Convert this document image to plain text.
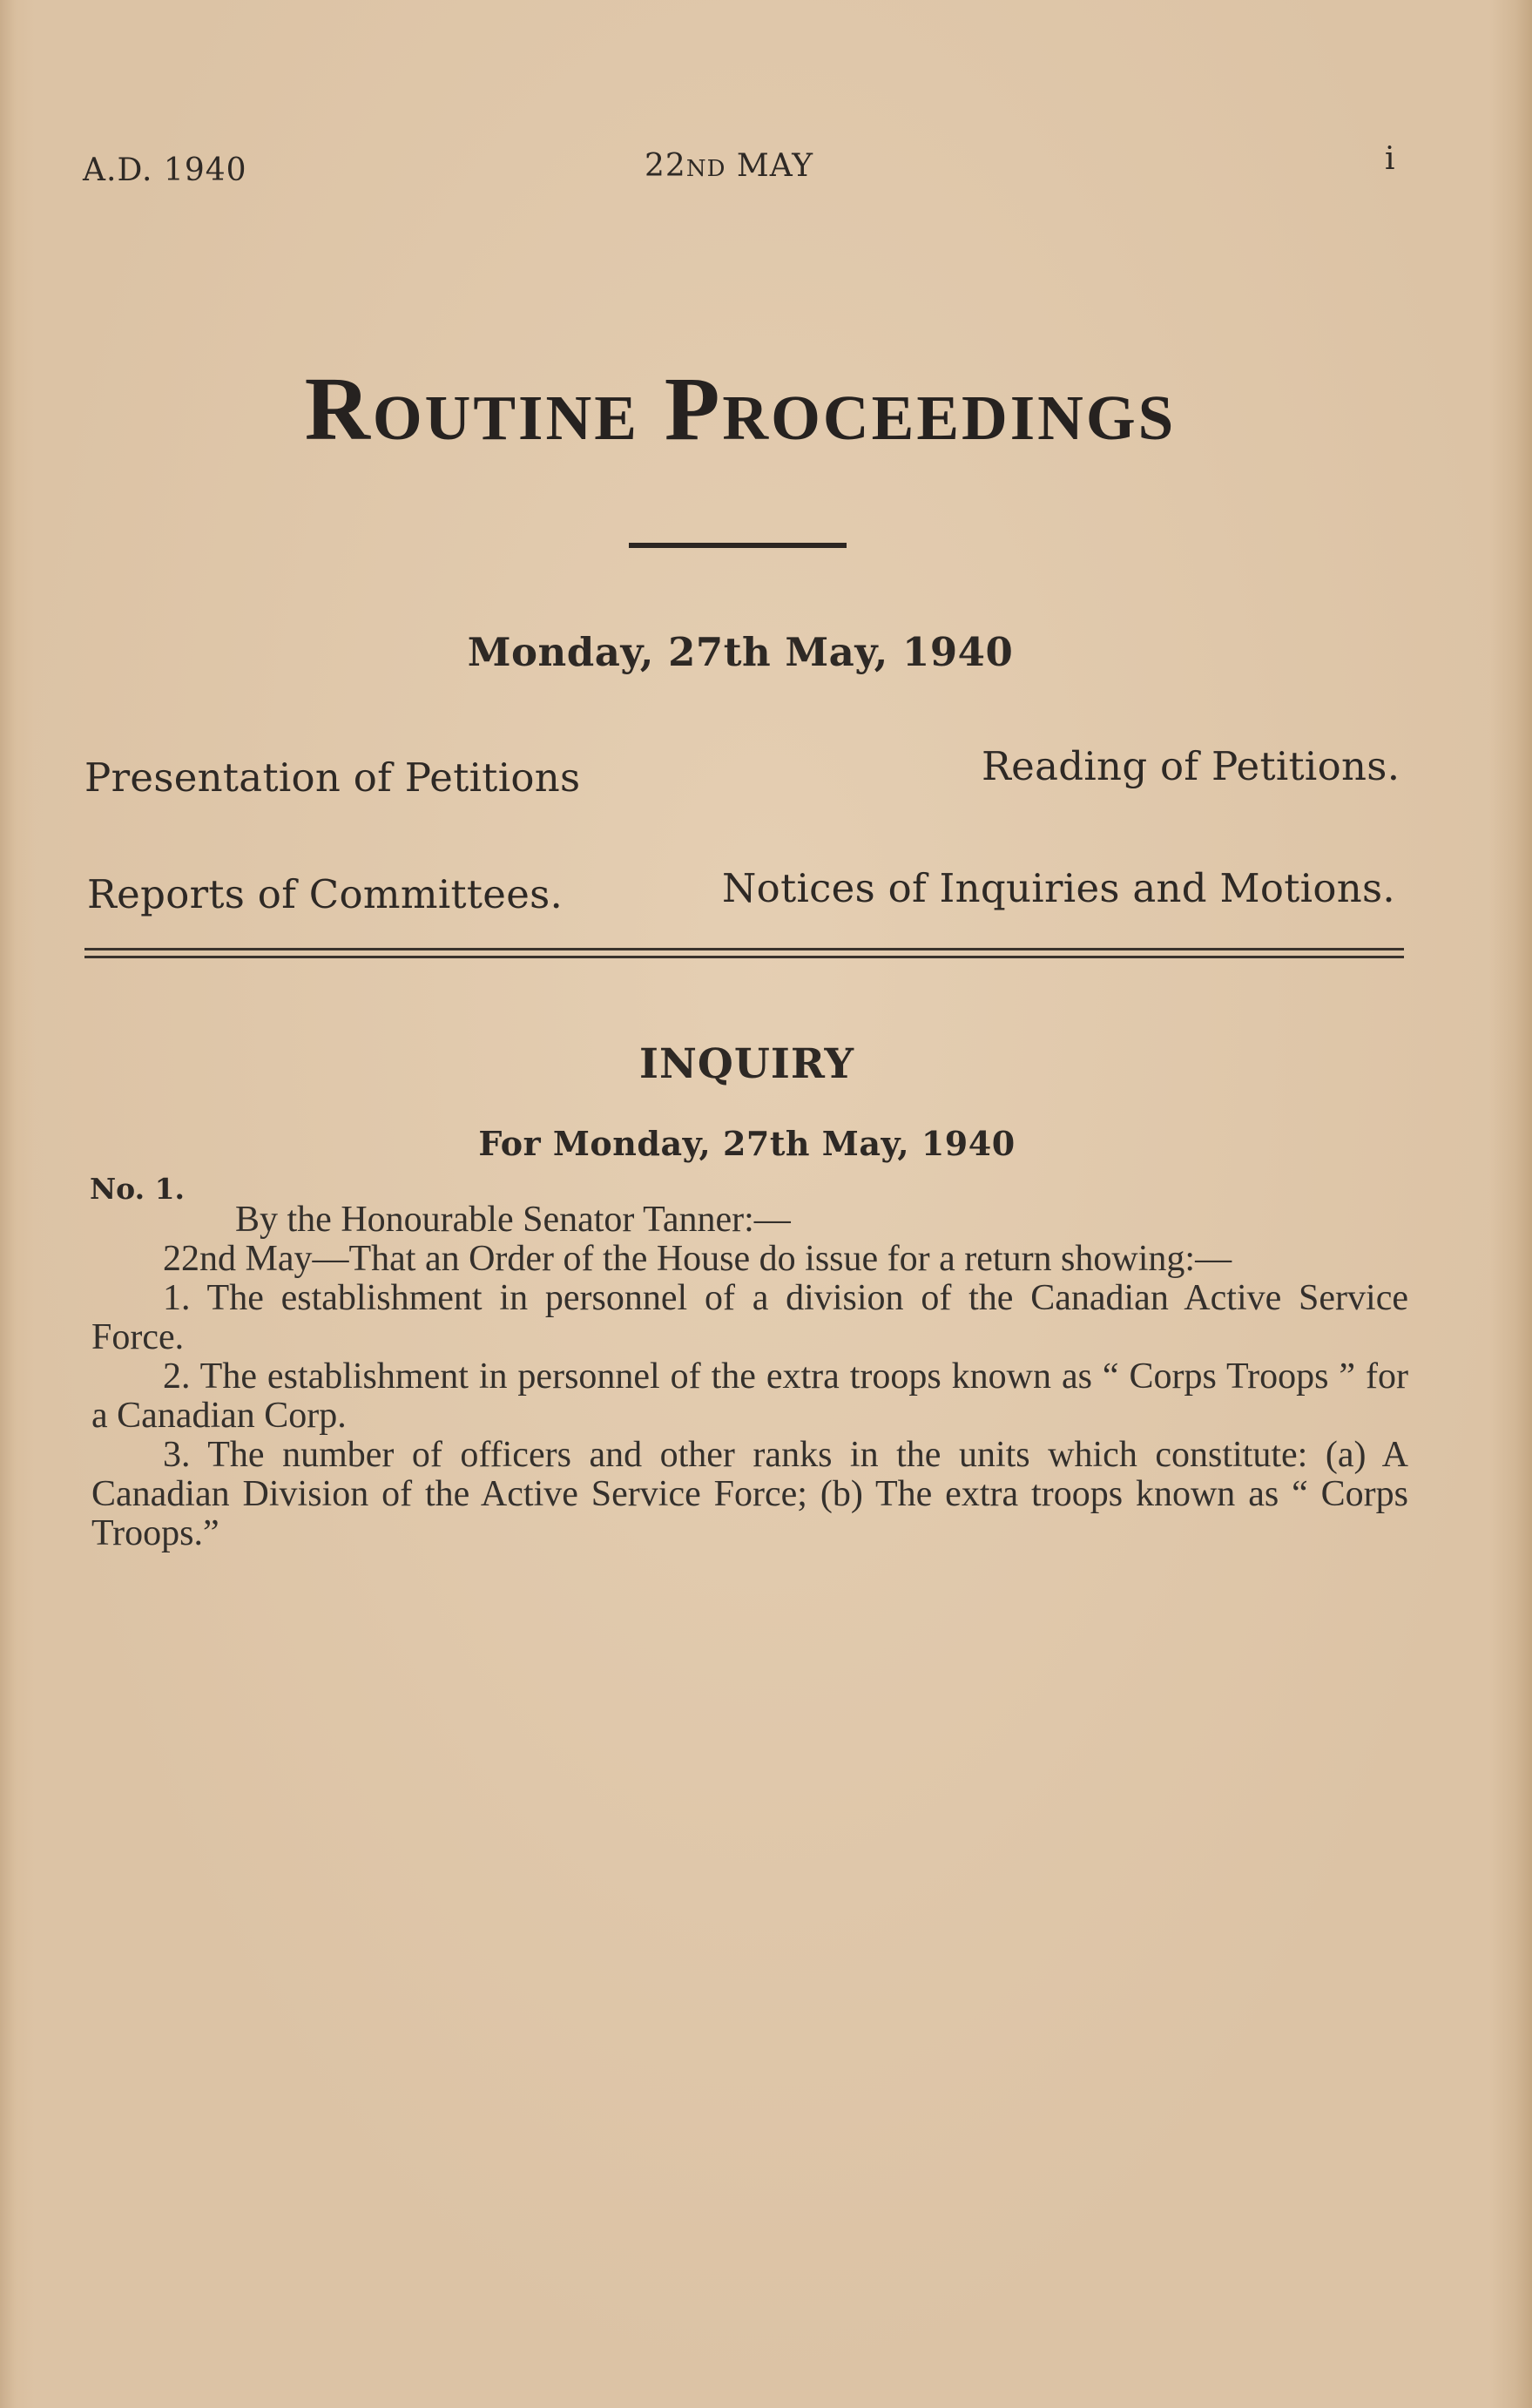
A.D. 1940	22ND MAY	i
Routine Proceedings
Monday, 27th May, 1940
Presentation of Petitions	Reading of Petitions.
Reports of Committees.	Notices of Inquiries and Motions.
INQUIRY
For Monday, 27th May, 1940
No. 1.

By the Honourable Senator Tanner:—

22nd May—That an Order of the House do issue for a return showing:—

1. The establishment in personnel of a division of the Canadian Active Service Force.

2. The establishment in personnel of the extra troops known as “ Corps Troops ” for a Canadian Corp.

3. The number of officers and other ranks in the units which constitute: (a) A Canadian Division of the Active Service Force; (b) The extra troops known as “ Corps Troops.”
